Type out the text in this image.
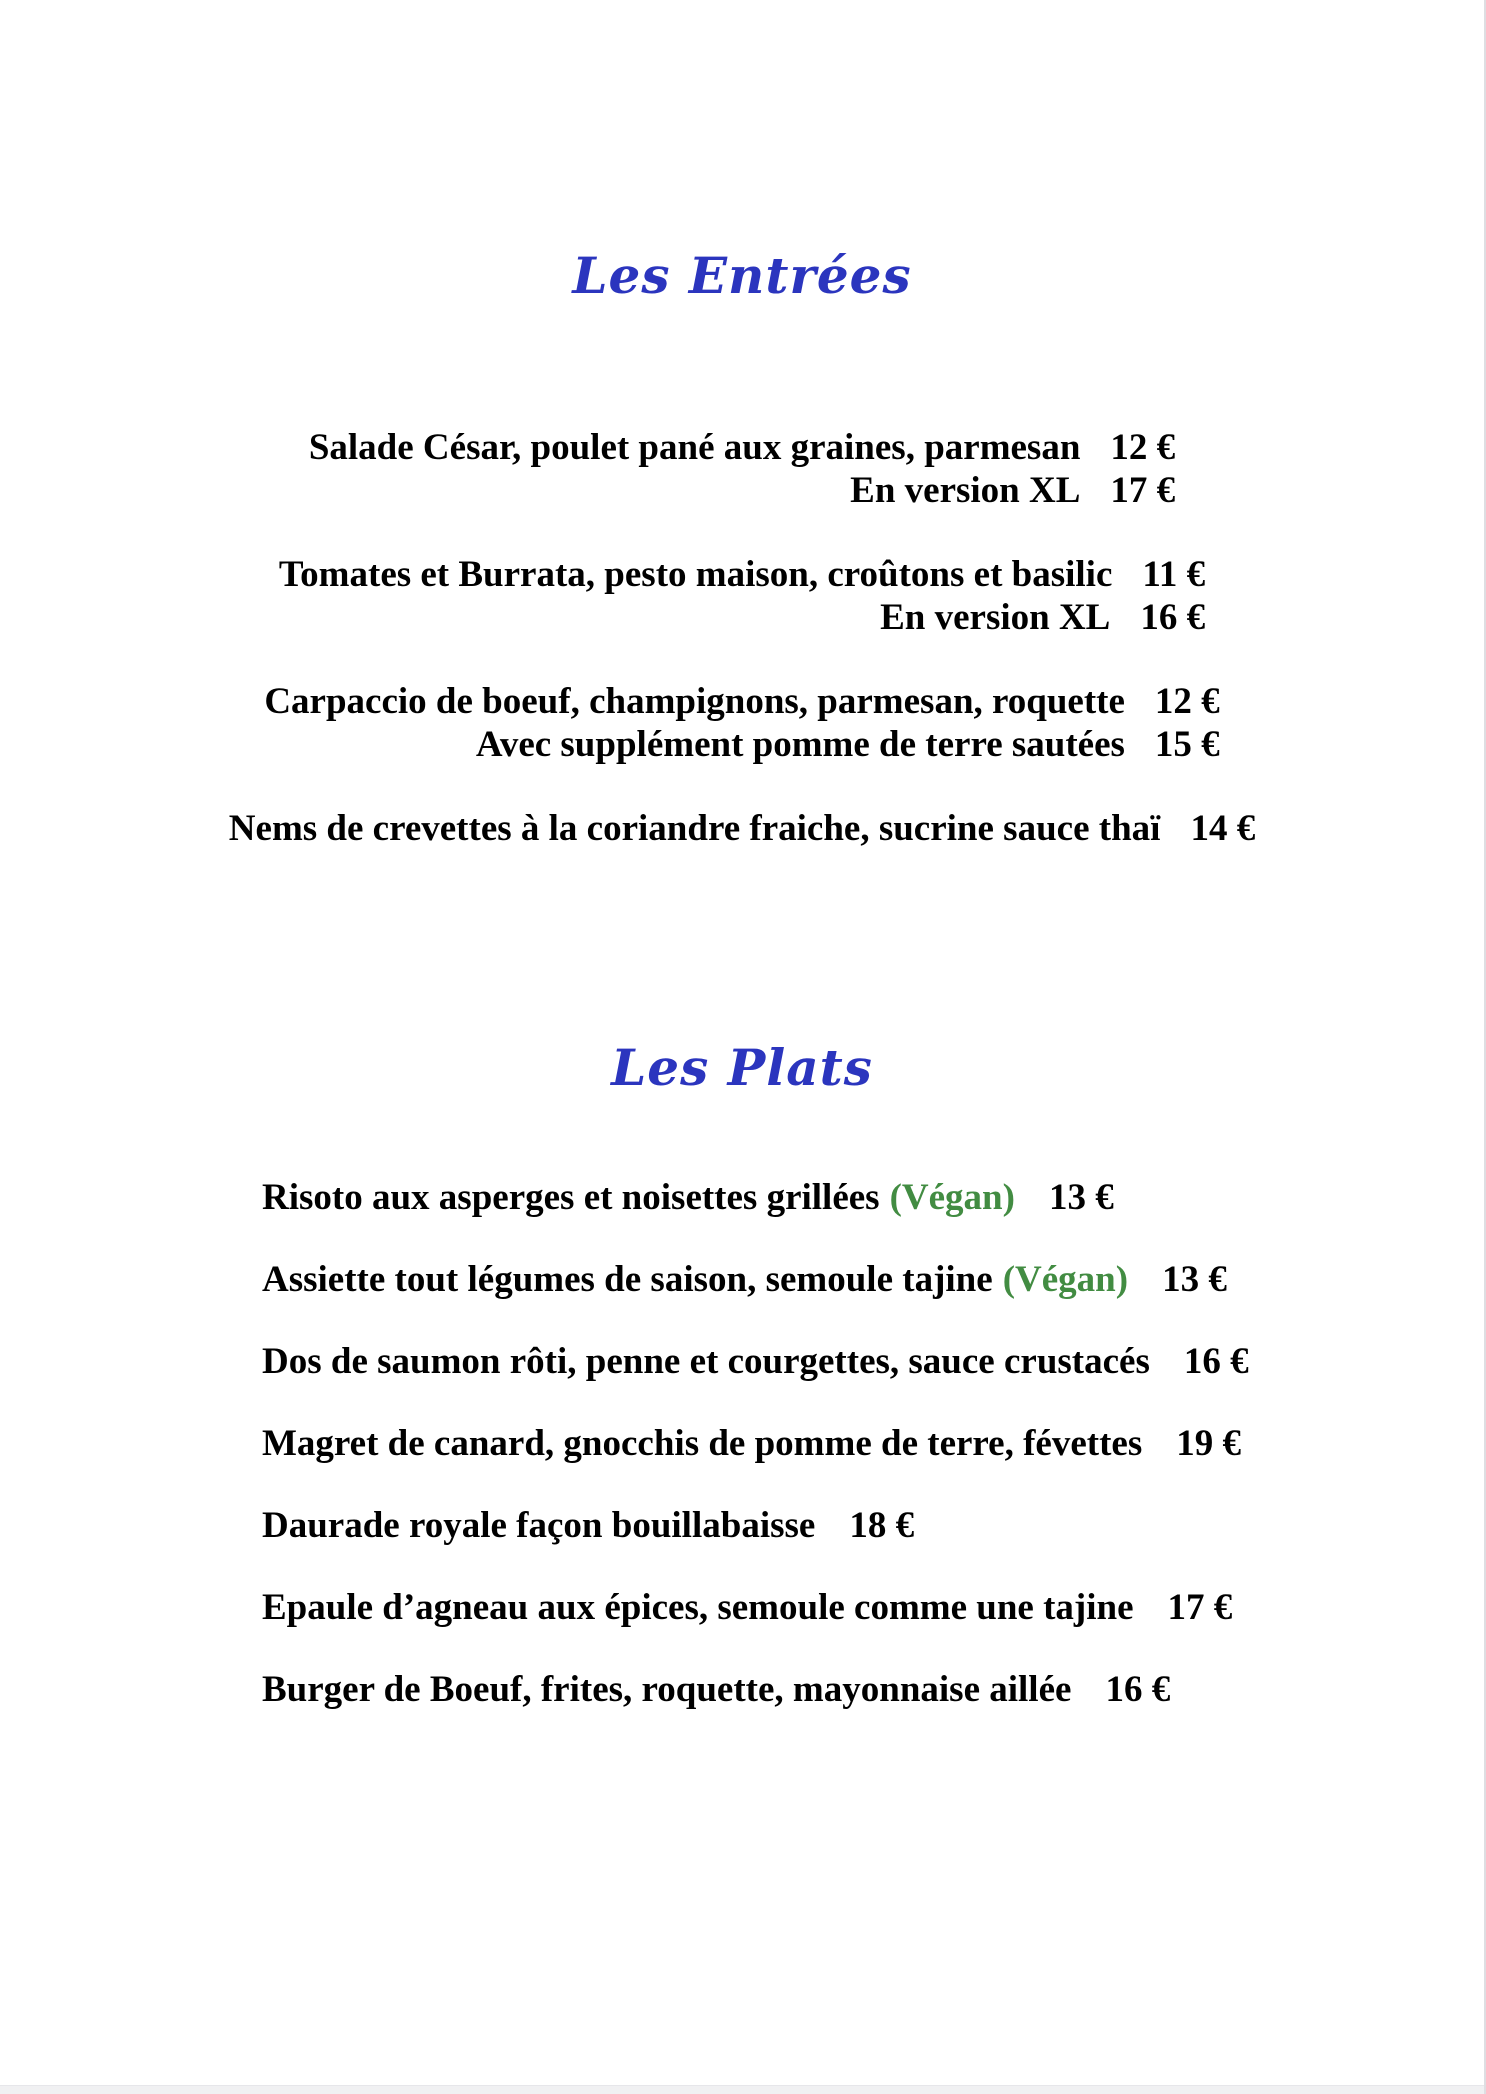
Les Entrées
Salade César, poulet pané aux graines, parmesan 12 €
En version XL 17 €
Tomates et Burrata, pesto maison, croûtons et basilic 11 €
En version XL 16 €
Carpaccio de boeuf, champignons, parmesan, roquette 12 €
Avec supplément pomme de terre sautées 15 €
Nems de crevettes à la coriandre fraiche, sucrine sauce thaï 14 €
Les Plats
Risoto aux asperges et noisettes grillées (Végan) 13 €
Assiette tout légumes de saison, semoule tajine (Végan) 13 €
Dos de saumon rôti, penne et courgettes, sauce crustacés 16 €
Magret de canard, gnocchis de pomme de terre, févettes 19 €
Daurade royale façon bouillabaisse 18 €
Epaule d’agneau aux épices, semoule comme une tajine 17 €
Burger de Boeuf, frites, roquette, mayonnaise aillée 16 €
